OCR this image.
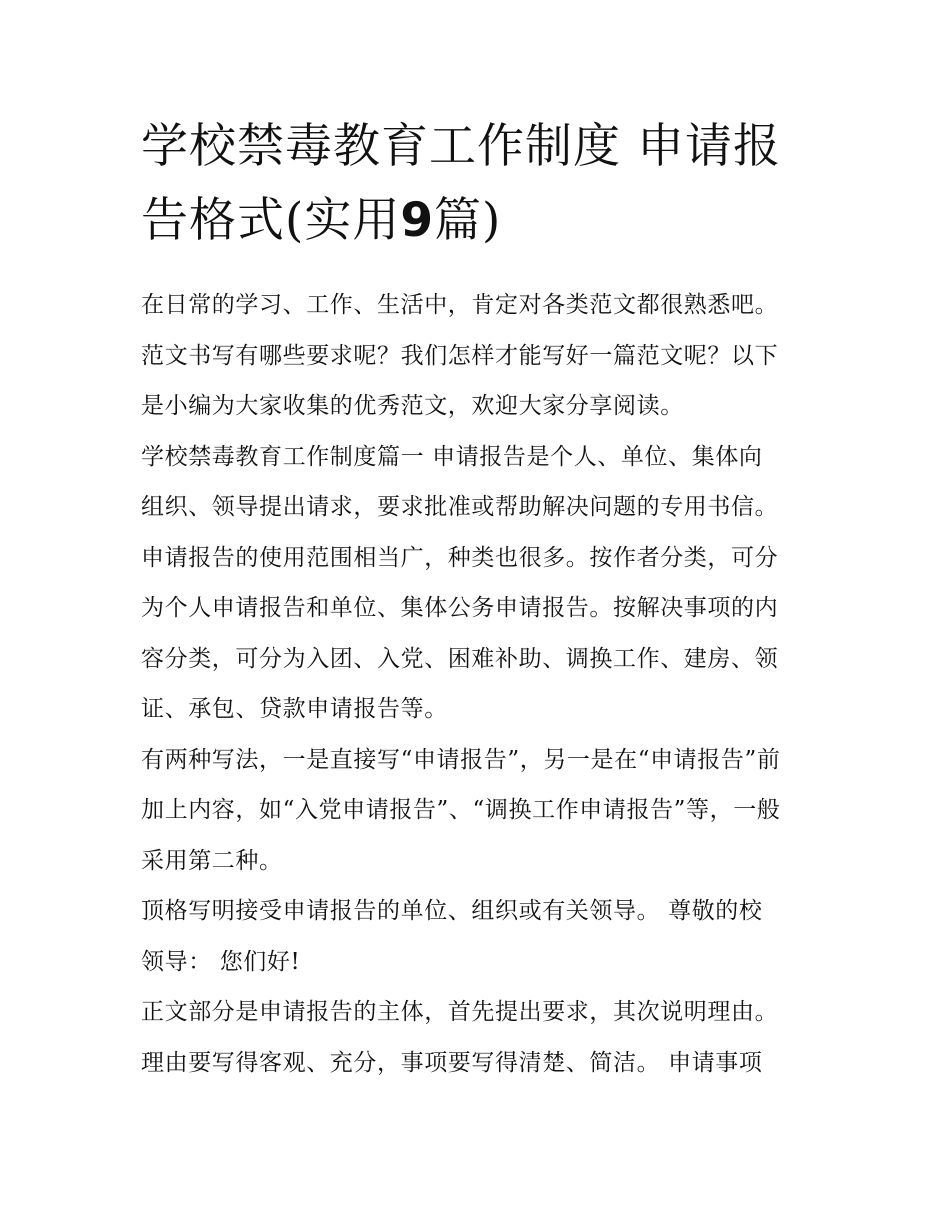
学校禁毒教育工作制度 申请报告格式(实用9篇)

在日常的学习、工作、生活中，肯定对各类范文都很熟悉吧。
范文书写有哪些要求呢？我们怎样才能写好一篇范文呢？以下
是小编为大家收集的优秀范文，欢迎大家分享阅读。

学校禁毒教育工作制度篇一 申请报告是个人、单位、集体向
组织、领导提出请求，要求批准或帮助解决问题的专用书信。
申请报告的使用范围相当广，种类也很多。按作者分类，可分
为个人申请报告和单位、集体公务申请报告。按解决事项的内
容分类，可分为入团、入党、困难补助、调换工作、建房、领
证、承包、贷款申请报告等。

有两种写法，一是直接写“申请报告”，另一是在“申请报告”前
加上内容，如“入党申请报告”、“调换工作申请报告”等，一般
采用第二种。

顶格写明接受申请报告的单位、组织或有关领导。 尊敬的校
领导： 您们好!

正文部分是申请报告的主体，首先提出要求，其次说明理由。
理由要写得客观、充分，事项要写得清楚、简洁。 申请事项
